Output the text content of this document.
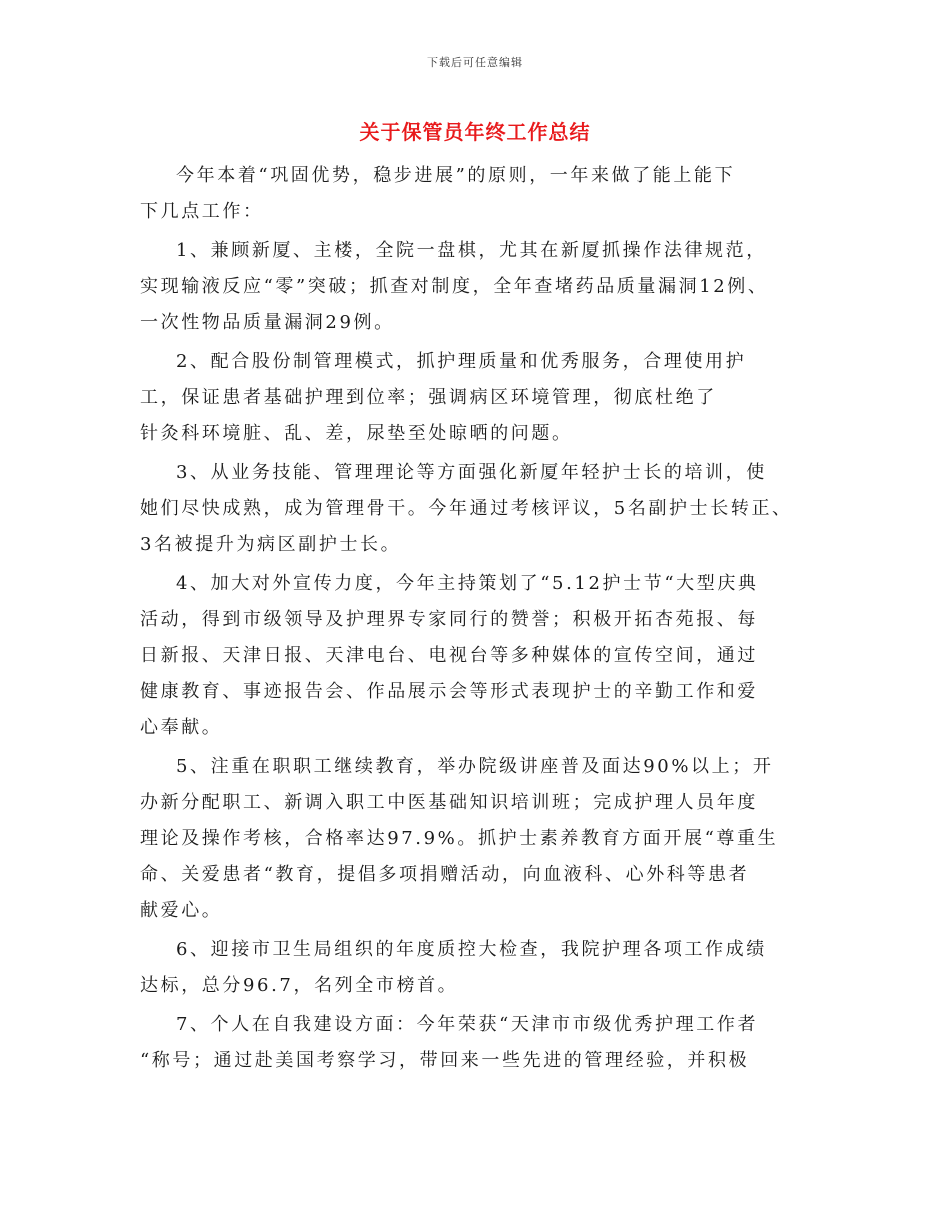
下载后可任意编辑
关于保管员年终工作总结
今年本着“巩固优势，稳步进展”的原则，一年来做了能上能下
下几点工作：
1、兼顾新厦、主楼，全院一盘棋，尤其在新厦抓操作法律规范，
实现输液反应“零”突破；抓查对制度，全年查堵药品质量漏洞12例、
一次性物品质量漏洞29例。
2、配合股份制管理模式，抓护理质量和优秀服务，合理使用护
工，保证患者基础护理到位率；强调病区环境管理，彻底杜绝了
针灸科环境脏、乱、差，尿垫至处晾晒的问题。
3、从业务技能、管理理论等方面强化新厦年轻护士长的培训，使
她们尽快成熟，成为管理骨干。今年通过考核评议，5名副护士长转正、
3名被提升为病区副护士长。
4、加大对外宣传力度，今年主持策划了“5.12护士节“大型庆典
活动，得到市级领导及护理界专家同行的赞誉；积极开拓杏苑报、每
日新报、天津日报、天津电台、电视台等多种媒体的宣传空间，通过
健康教育、事迹报告会、作品展示会等形式表现护士的辛勤工作和爱
心奉献。
5、注重在职职工继续教育，举办院级讲座普及面达90%以上；开
办新分配职工、新调入职工中医基础知识培训班；完成护理人员年度
理论及操作考核，合格率达97.9%。抓护士素养教育方面开展“尊重生
命、关爱患者“教育，提倡多项捐赠活动，向血液科、心外科等患者
献爱心。
6、迎接市卫生局组织的年度质控大检查，我院护理各项工作成绩
达标，总分96.7，名列全市榜首。
7、个人在自我建设方面：今年荣获“天津市市级优秀护理工作者
“称号；通过赴美国考察学习，带回来一些先进的管理经验，并积极
